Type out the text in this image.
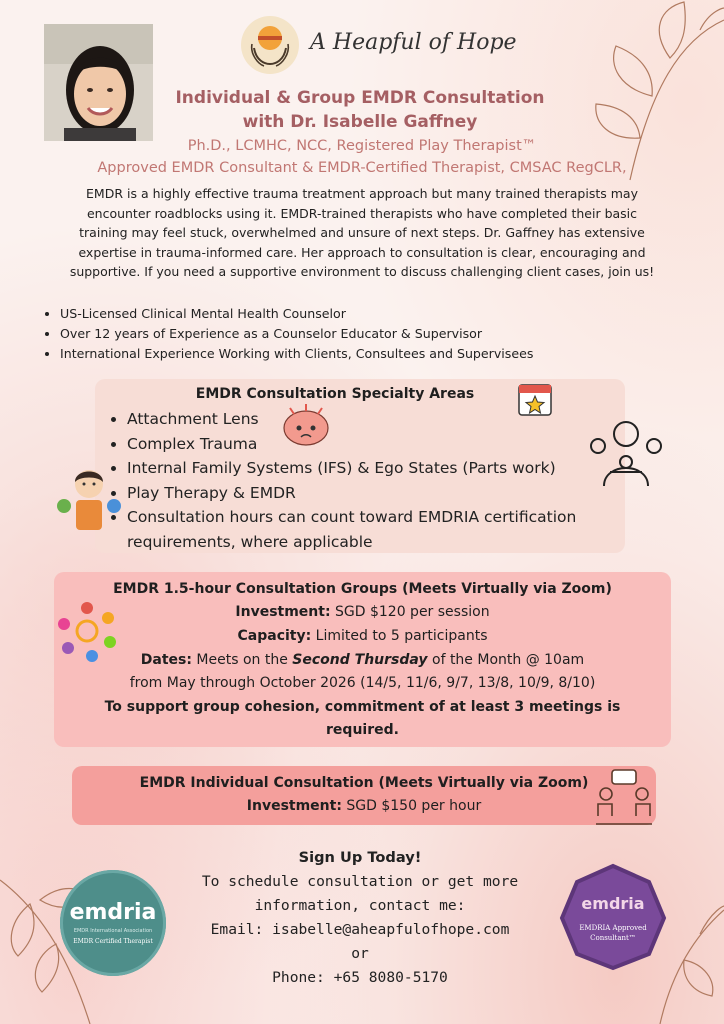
A Heapful of Hope
Individual & Group EMDR Consultation
with Dr. Isabelle Gaffney
Ph.D., LCMHC, NCC, Registered Play Therapist™
Approved EMDR Consultant & EMDR-Certified Therapist, CMSAC RegCLR,
EMDR is a highly effective trauma treatment approach but many trained therapists may
encounter roadblocks using it. EMDR-trained therapists who have completed their basic
training may feel stuck, overwhelmed and unsure of next steps. Dr. Gaffney has extensive
expertise in trauma-informed care. Her approach to consultation is clear, encouraging and
supportive. If you need a supportive environment to discuss challenging client cases, join us!
• US-Licensed Clinical Mental Health Counselor
• Over 12 years of Experience as a Counselor Educator & Supervisor
• International Experience Working with Clients, Consultees and Supervisees
EMDR Consultation Specialty Areas
• Attachment Lens
• Complex Trauma
• Internal Family Systems (IFS) & Ego States (Parts work)
• Play Therapy & EMDR
• Consultation hours can count toward EMDRIA certification requirements, where applicable
EMDR 1.5-hour Consultation Groups (Meets Virtually via Zoom)
Investment: SGD $120 per session
Capacity: Limited to 5 participants
Dates: Meets on the Second Thursday of the Month @ 10am
from May through October 2026 (14/5, 11/6, 9/7, 13/8, 10/9, 8/10)
To support group cohesion, commitment of at least 3 meetings is
required.
EMDR Individual Consultation (Meets Virtually via Zoom)
Investment: SGD $150 per hour
Sign Up Today!
To schedule consultation or get more
information, contact me:
Email: isabelle@aheapfulofhope.com
or
Phone: +65 8080-5170
emdria
EMDR International Association
EMDR Certified Therapist
emdria
EMDRIA Approved
Consultant™
